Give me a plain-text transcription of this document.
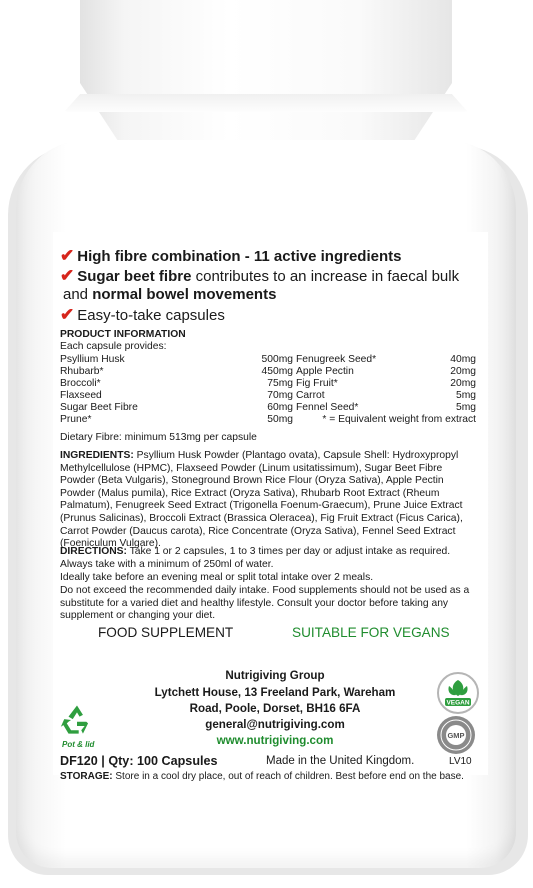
✔ High fibre combination - 11 active ingredients
✔ Sugar beet fibre contributes to an increase in faecal bulk
and normal bowel movements
✔ Easy-to-take capsules
PRODUCT INFORMATION
Each capsule provides:
Psyllium Husk	500mg Fenugreek Seed*	40mg
Rhubarb*	450mg Apple Pectin	20mg
Broccoli*	75mg Fig Fruit*	20mg
Flaxseed	70mg Carrot	5mg
Sugar Beet Fibre	60mg Fennel Seed*	5mg
Prune*	50mg	* = Equivalent weight from extract
Dietary Fibre: minimum 513mg per capsule
INGREDIENTS: Psyllium Husk Powder (Plantago ovata), Capsule Shell: Hydroxypropyl Methylcellulose (HPMC), Flaxseed Powder (Linum usitatissimum), Sugar Beet Fibre Powder (Beta Vulgaris), Stoneground Brown Rice Flour (Oryza Sativa), Apple Pectin Powder (Malus pumila), Rice Extract (Oryza Sativa), Rhubarb Root Extract (Rheum Palmatum), Fenugreek Seed Extract (Trigonella Foenum-Graecum), Prune Juice Extract (Prunus Salicinas), Broccoli Extract (Brassica Oleracea), Fig Fruit Extract (Ficus Carica), Carrot Powder (Daucus carota), Rice Concentrate (Oryza Sativa), Fennel Seed Extract (Foeniculum Vulgare).
DIRECTIONS: Take 1 or 2 capsules, 1 to 3 times per day or adjust intake as required. Always take with a minimum of 250ml of water.
Ideally take before an evening meal or split total intake over 2 meals.
Do not exceed the recommended daily intake. Food supplements should not be used as a substitute for a varied diet and healthy lifestyle. Consult your doctor before taking any supplement or changing your diet.
FOOD SUPPLEMENT	SUITABLE FOR VEGANS
Nutrigiving Group
Lytchett House, 13 Freeland Park, Wareham
Road, Poole, Dorset, BH16 6FA
general@nutrigiving.com
www.nutrigiving.com
Pot & lid
VEGAN
GMP
DF120 | Qty: 100 Capsules	Made in the United Kingdom.	LV10
STORAGE: Store in a cool dry place, out of reach of children. Best before end on the base.
